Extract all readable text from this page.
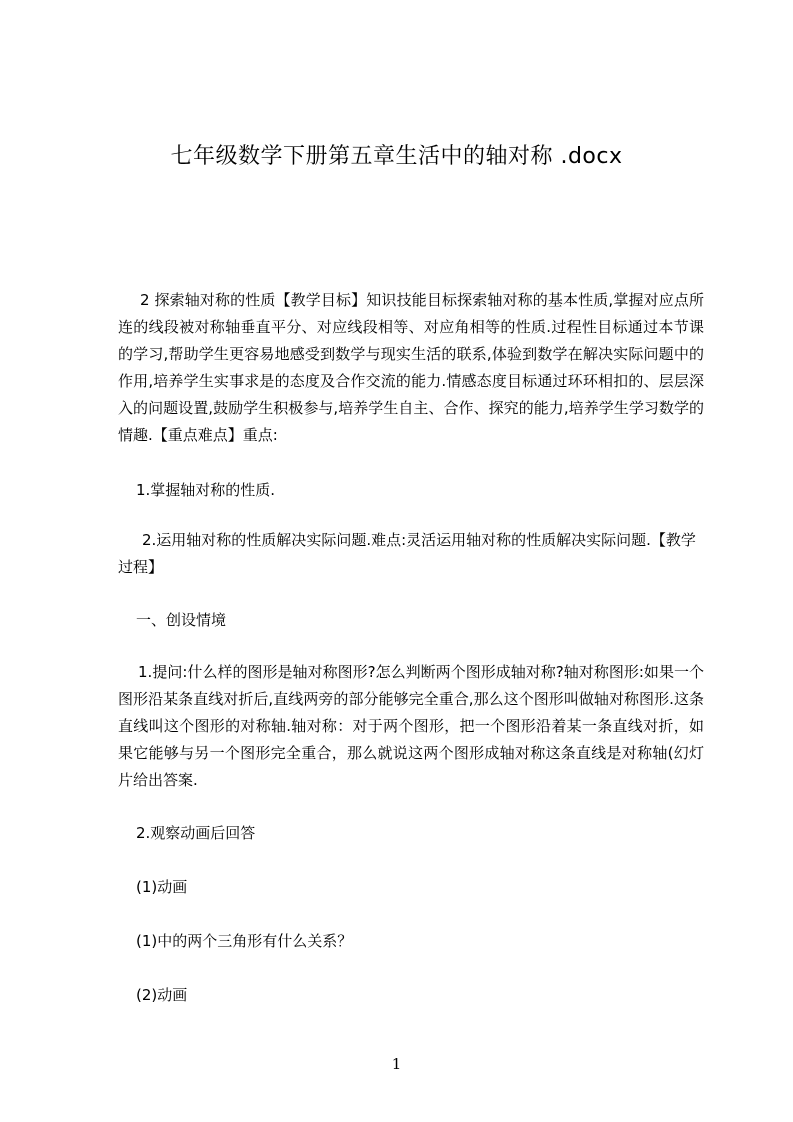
七年级数学下册第五章生活中的轴对称 .docx

2 探索轴对称的性质【教学目标】知识技能目标探索轴对称的基本性质,掌握对应点所连的线段被对称轴垂直平分、对应线段相等、对应角相等的性质.过程性目标通过本节课的学习,帮助学生更容易地感受到数学与现实生活的联系,体验到数学在解决实际问题中的作用,培养学生实事求是的态度及合作交流的能力.情感态度目标通过环环相扣的、层层深入的问题设置,鼓励学生积极参与,培养学生自主、合作、探究的能力,培养学生学习数学的情趣.【重点难点】重点:

1.掌握轴对称的性质.

2.运用轴对称的性质解决实际问题.难点:灵活运用轴对称的性质解决实际问题.【教学过程】

一、创设情境

1.提问:什么样的图形是轴对称图形?怎么判断两个图形成轴对称?轴对称图形:如果一个图形沿某条直线对折后,直线两旁的部分能够完全重合,那么这个图形叫做轴对称图形.这条直线叫这个图形的对称轴.轴对称：对于两个图形，把一个图形沿着某一条直线对折，如果它能够与另一个图形完全重合，那么就说这两个图形成轴对称这条直线是对称轴(幻灯片给出答案.

2.观察动画后回答

(1)动画

(1)中的两个三角形有什么关系？

(2)动画

1
